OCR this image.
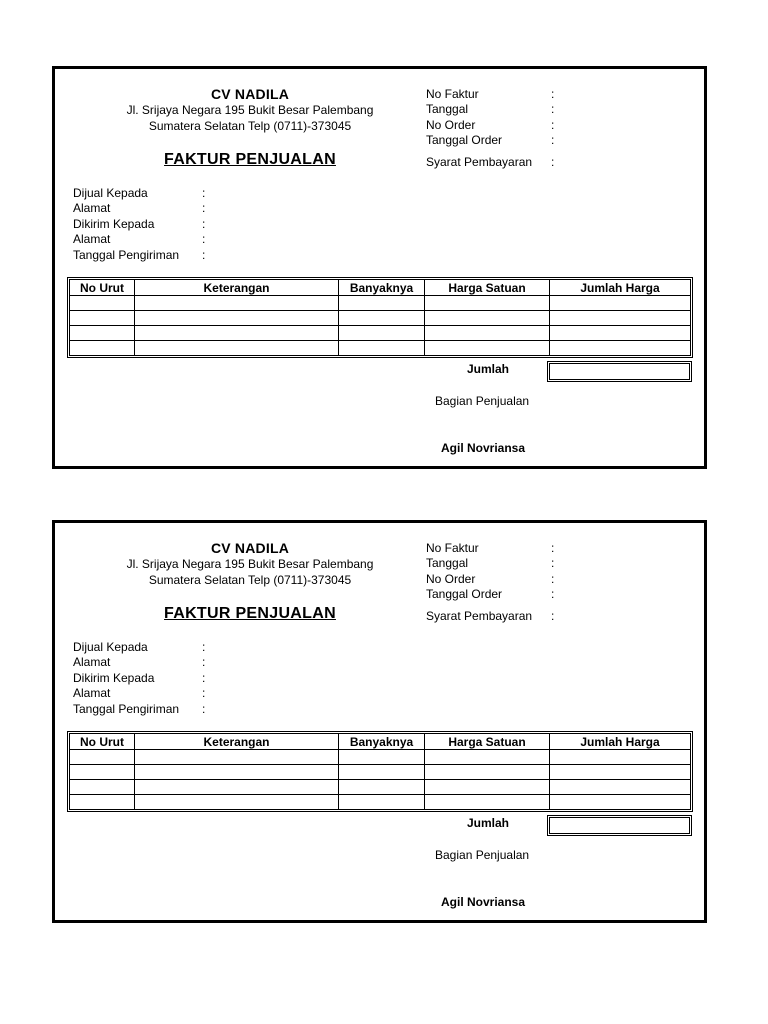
CV NADILA
Jl. Srijaya Negara 195 Bukit Besar Palembang
Sumatera Selatan Telp (0711)-373045
FAKTUR PENJUALAN
No Faktur	:
Tanggal	:
No Order	:
Tanggal Order	:
Syarat Pembayaran :
Dijual Kepada	:
Alamat	:
Dikirim Kepada	:
Alamat	:
Tanggal Pengiriman :
No Urut	Keterangan	Banyaknya	Harga Satuan	Jumlah Harga

Jumlah
Bagian Penjualan
Agil Novriansa
CV NADILA
Jl. Srijaya Negara 195 Bukit Besar Palembang
Sumatera Selatan Telp (0711)-373045
FAKTUR PENJUALAN
No Faktur	:
Tanggal	:
No Order	:
Tanggal Order	:
Syarat Pembayaran :
Dijual Kepada	:
Alamat	:
Dikirim Kepada	:
Alamat	:
Tanggal Pengiriman :
No Urut	Keterangan	Banyaknya	Harga Satuan	Jumlah Harga

Jumlah
Bagian Penjualan
Agil Novriansa
